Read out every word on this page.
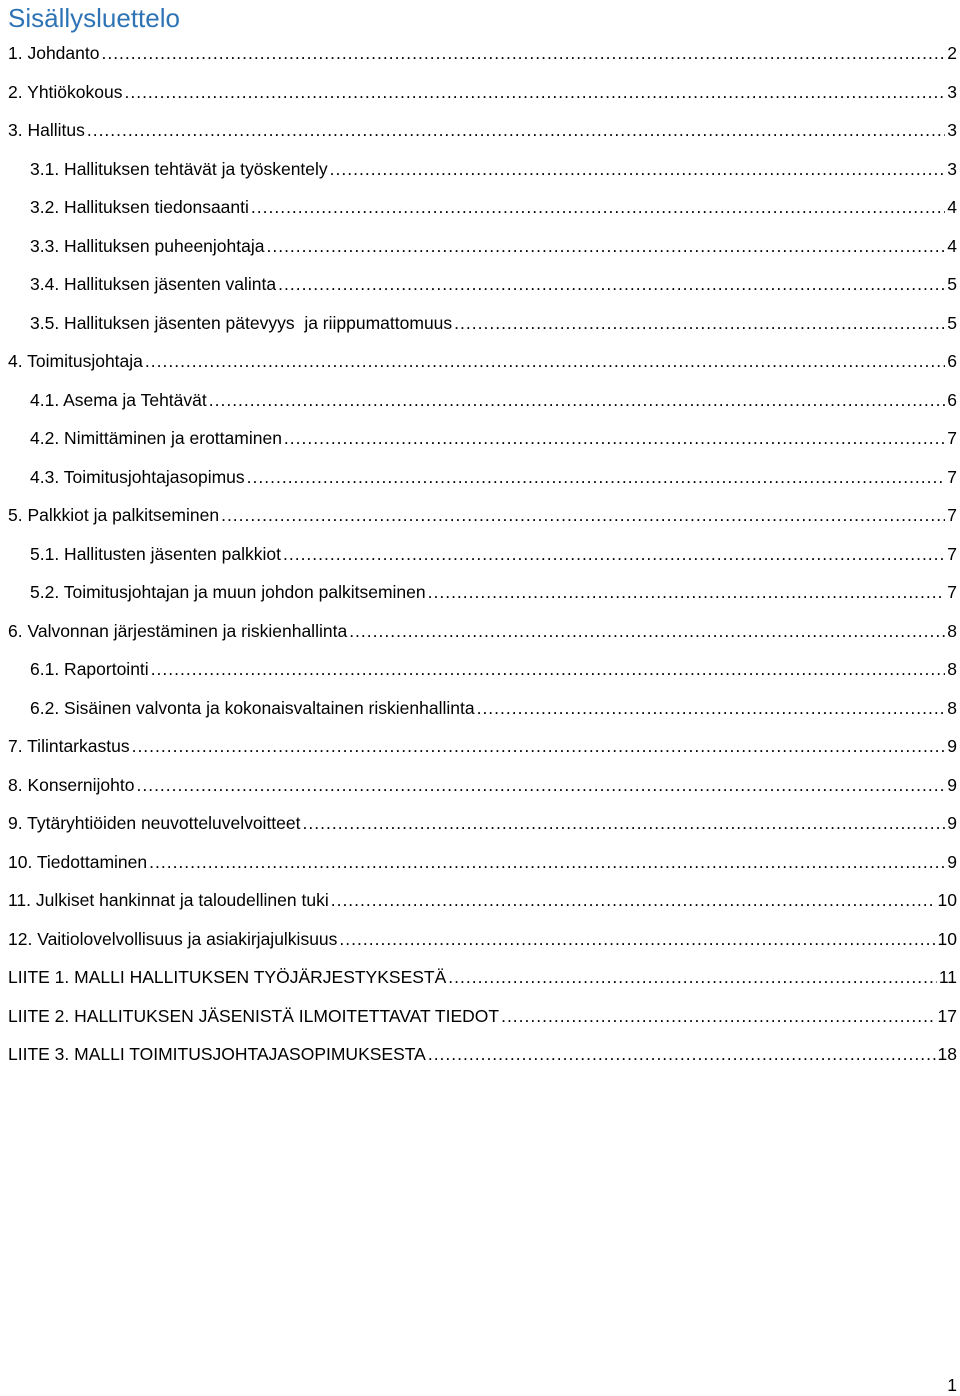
Sisällysluettelo
1. Johdanto .....	2
2. Yhtiökokous .....	3
3. Hallitus .....	3
3.1. Hallituksen tehtävät ja työskentely .....	3
3.2. Hallituksen tiedonsaanti .....	4
3.3. Hallituksen puheenjohtaja .....	4
3.4. Hallituksen jäsenten valinta .....	5
3.5. Hallituksen jäsenten pätevyys  ja riippumattomuus .....	5
4. Toimitusjohtaja .....	6
4.1. Asema ja Tehtävät .....	6
4.2. Nimittäminen ja erottaminen .....	7
4.3. Toimitusjohtajasopimus .....	7
5. Palkkiot ja palkitseminen .....	7
5.1. Hallitusten jäsenten palkkiot .....	7
5.2. Toimitusjohtajan ja muun johdon palkitseminen .....	7
6. Valvonnan järjestäminen ja riskienhallinta .....	8
6.1. Raportointi .....	8
6.2. Sisäinen valvonta ja kokonaisvaltainen riskienhallinta .....	8
7. Tilintarkastus .....	9
8. Konsernijohto .....	9
9. Tytäryhtiöiden neuvotteluvelvoitteet .....	9
10. Tiedottaminen .....	9
11. Julkiset hankinnat ja taloudellinen tuki .....	10
12. Vaitiolovelvollisuus ja asiakirjajulkisuus .....	10
LIITE 1. MALLI HALLITUKSEN TYÖJÄRJESTYKSESTÄ .....	11
LIITE 2. HALLITUKSEN JÄSENISTÄ ILMOITETTAVAT TIEDOT .....	17
LIITE 3. MALLI TOIMITUSJOHTAJASOPIMUKSESTA .....	18
1
